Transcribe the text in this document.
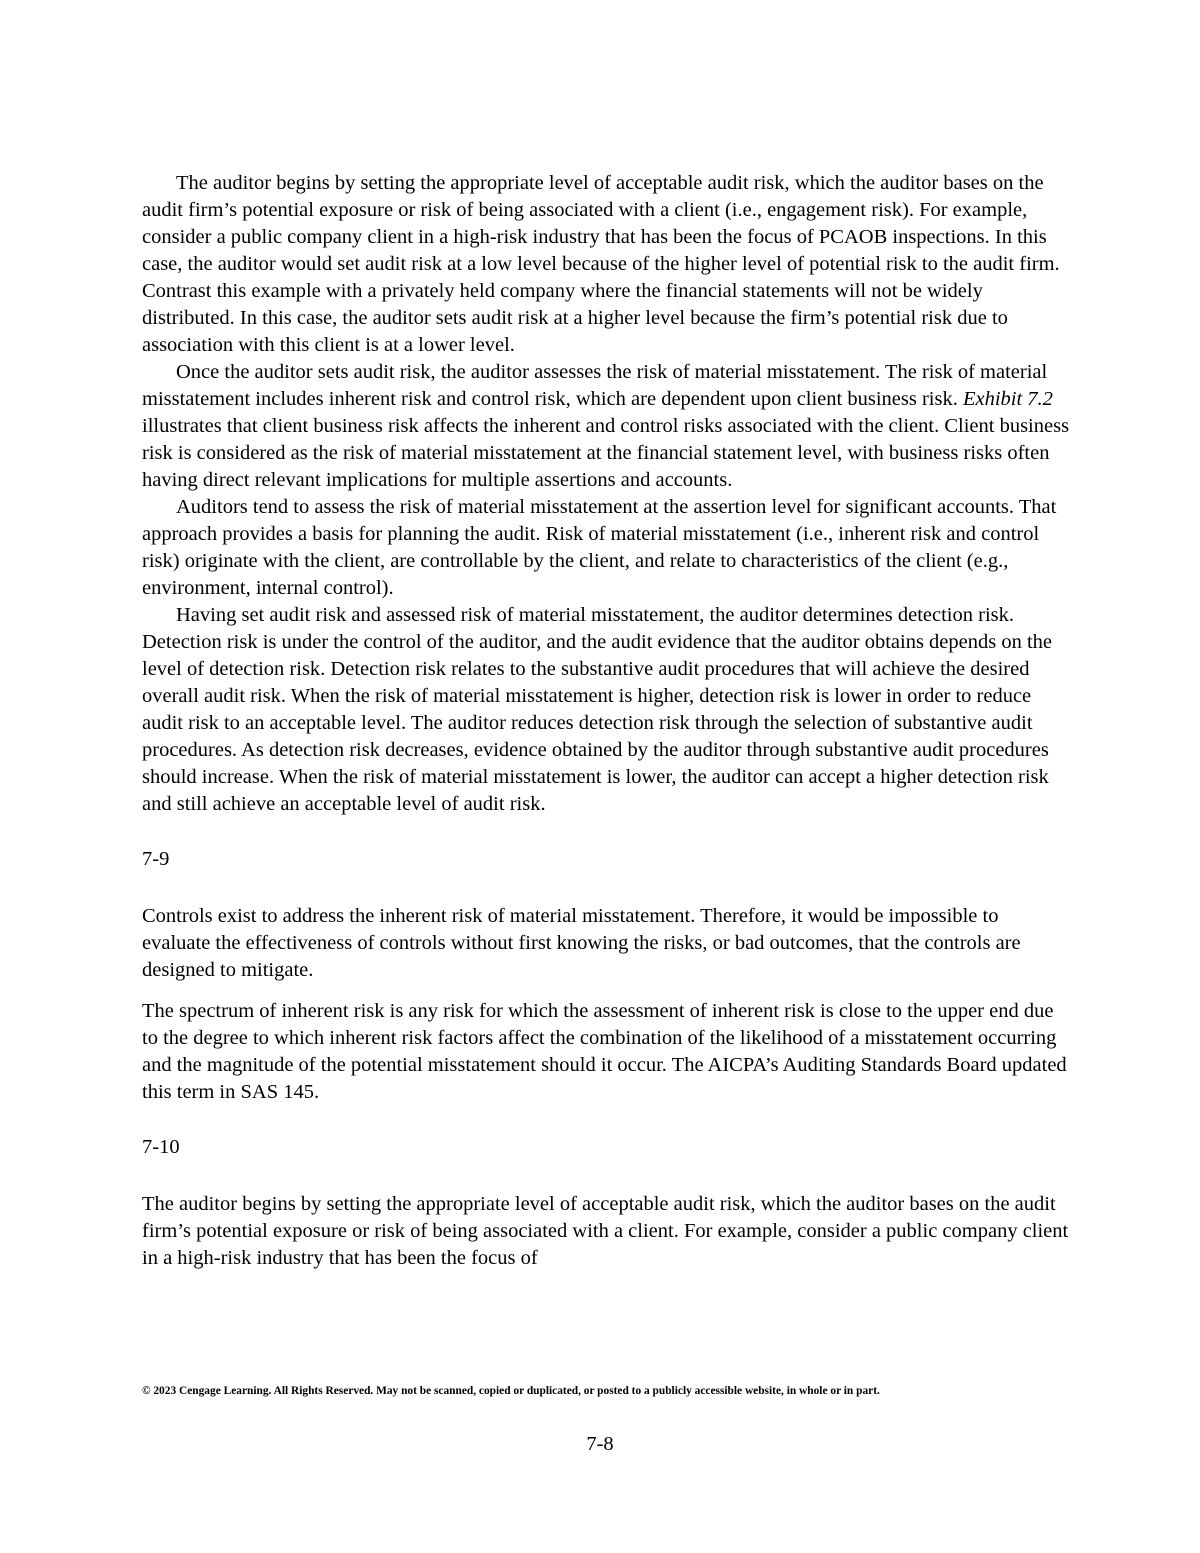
The auditor begins by setting the appropriate level of acceptable audit risk, which the auditor bases on the audit firm’s potential exposure or risk of being associated with a client (i.e., engagement risk). For example, consider a public company client in a high-risk industry that has been the focus of PCAOB inspections. In this case, the auditor would set audit risk at a low level because of the higher level of potential risk to the audit firm. Contrast this example with a privately held company where the financial statements will not be widely distributed. In this case, the auditor sets audit risk at a higher level because the firm’s potential risk due to association with this client is at a lower level.

Once the auditor sets audit risk, the auditor assesses the risk of material misstatement. The risk of material misstatement includes inherent risk and control risk, which are dependent upon client business risk. Exhibit 7.2 illustrates that client business risk affects the inherent and control risks associated with the client. Client business risk is considered as the risk of material misstatement at the financial statement level, with business risks often having direct relevant implications for multiple assertions and accounts.

Auditors tend to assess the risk of material misstatement at the assertion level for significant accounts. That approach provides a basis for planning the audit. Risk of material misstatement (i.e., inherent risk and control risk) originate with the client, are controllable by the client, and relate to characteristics of the client (e.g., environment, internal control).

Having set audit risk and assessed risk of material misstatement, the auditor determines detection risk. Detection risk is under the control of the auditor, and the audit evidence that the auditor obtains depends on the level of detection risk. Detection risk relates to the substantive audit procedures that will achieve the desired overall audit risk. When the risk of material misstatement is higher, detection risk is lower in order to reduce audit risk to an acceptable level. The auditor reduces detection risk through the selection of substantive audit procedures. As detection risk decreases, evidence obtained by the auditor through substantive audit procedures should increase. When the risk of material misstatement is lower, the auditor can accept a higher detection risk and still achieve an acceptable level of audit risk.

7-9

Controls exist to address the inherent risk of material misstatement. Therefore, it would be impossible to evaluate the effectiveness of controls without first knowing the risks, or bad outcomes, that the controls are designed to mitigate.

The spectrum of inherent risk is any risk for which the assessment of inherent risk is close to the upper end due to the degree to which inherent risk factors affect the combination of the likelihood of a misstatement occurring and the magnitude of the potential misstatement should it occur. The AICPA’s Auditing Standards Board updated this term in SAS 145.

7-10

The auditor begins by setting the appropriate level of acceptable audit risk, which the auditor bases on the audit firm’s potential exposure or risk of being associated with a client. For example, consider a public company client in a high-risk industry that has been the focus of

© 2023 Cengage Learning. All Rights Reserved. May not be scanned, copied or duplicated, or posted to a publicly accessible website, in whole or in part.
7-8
